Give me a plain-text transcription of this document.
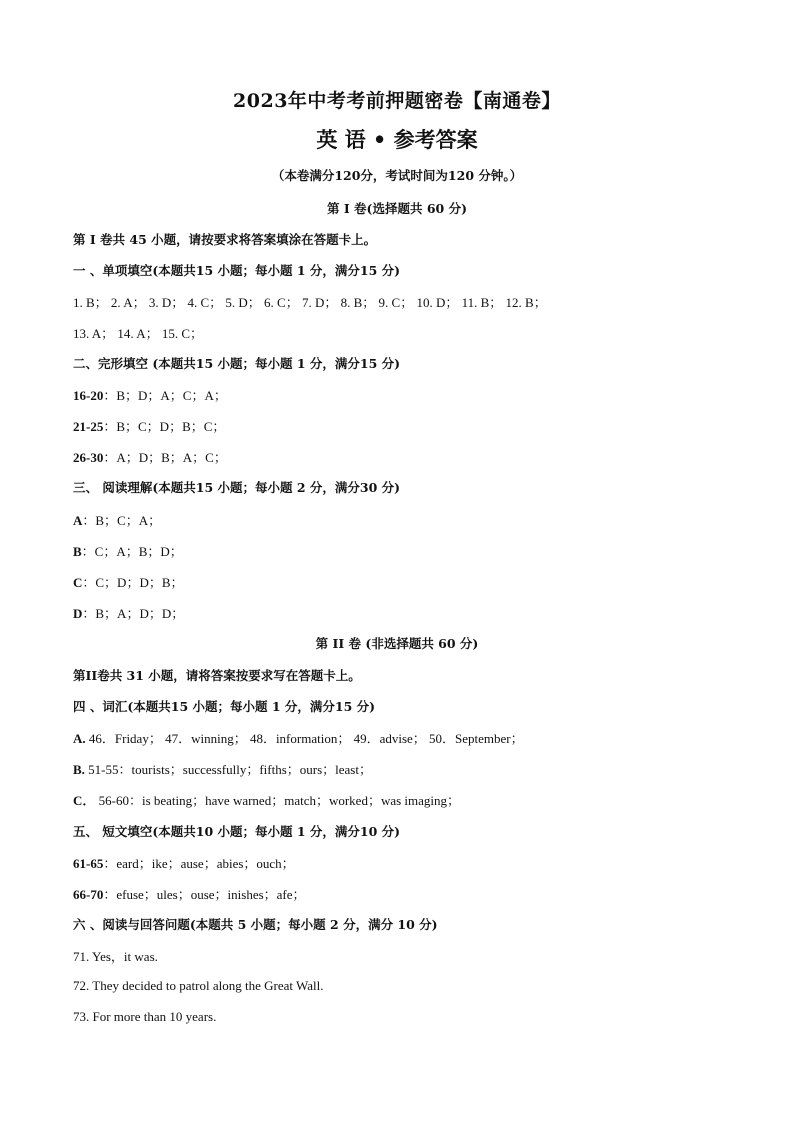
2023年中考考前押题密卷【南通卷】
英 语 • 参考答案
（本卷满分120分，考试时间为120 分钟。）
第 I 卷(选择题共 60 分)
第 I 卷共 45 小题，请按要求将答案填涂在答题卡上。
一 、单项填空(本题共15 小题；每小题 1 分，满分15 分)
1. B； 2. A； 3. D； 4. C； 5. D； 6. C； 7. D； 8. B； 9. C； 10. D； 11. B； 12. B；
13. A； 14. A； 15. C；
二、完形填空 (本题共15 小题；每小题 1 分，满分15 分)
16-20：B；D；A；C；A；
21-25：B；C；D；B；C；
26-30：A；D；B；A；C；
三、 阅读理解(本题共15 小题；每小题 2 分，满分30 分)
A：B；C；A；
B：C；A；B；D；
C：C；D；D；B；
D：B；A；D；D；
第 II 卷 (非选择题共 60 分)
第II卷共 31 小题，请将答案按要求写在答题卡上。
四 、词汇(本题共15 小题；每小题 1 分，满分15 分)
A. 46．Friday； 47．winning； 48．information； 49．advise； 50．September；
B. 51-55：tourists；successfully；fifths；ours；least；
C． 56-60：is beating；have warned；match；worked；was imaging；
五、 短文填空(本题共10 小题；每小题 1 分，满分10 分)
61-65：eard；ike；ause；abies；ouch；
66-70：efuse；ules；ouse；inishes；afe；
六 、阅读与回答问题(本题共 5 小题；每小题 2 分，满分 10 分)
71. Yes，it was.
72. They decided to patrol along the Great Wall.
73. For more than 10 years.
